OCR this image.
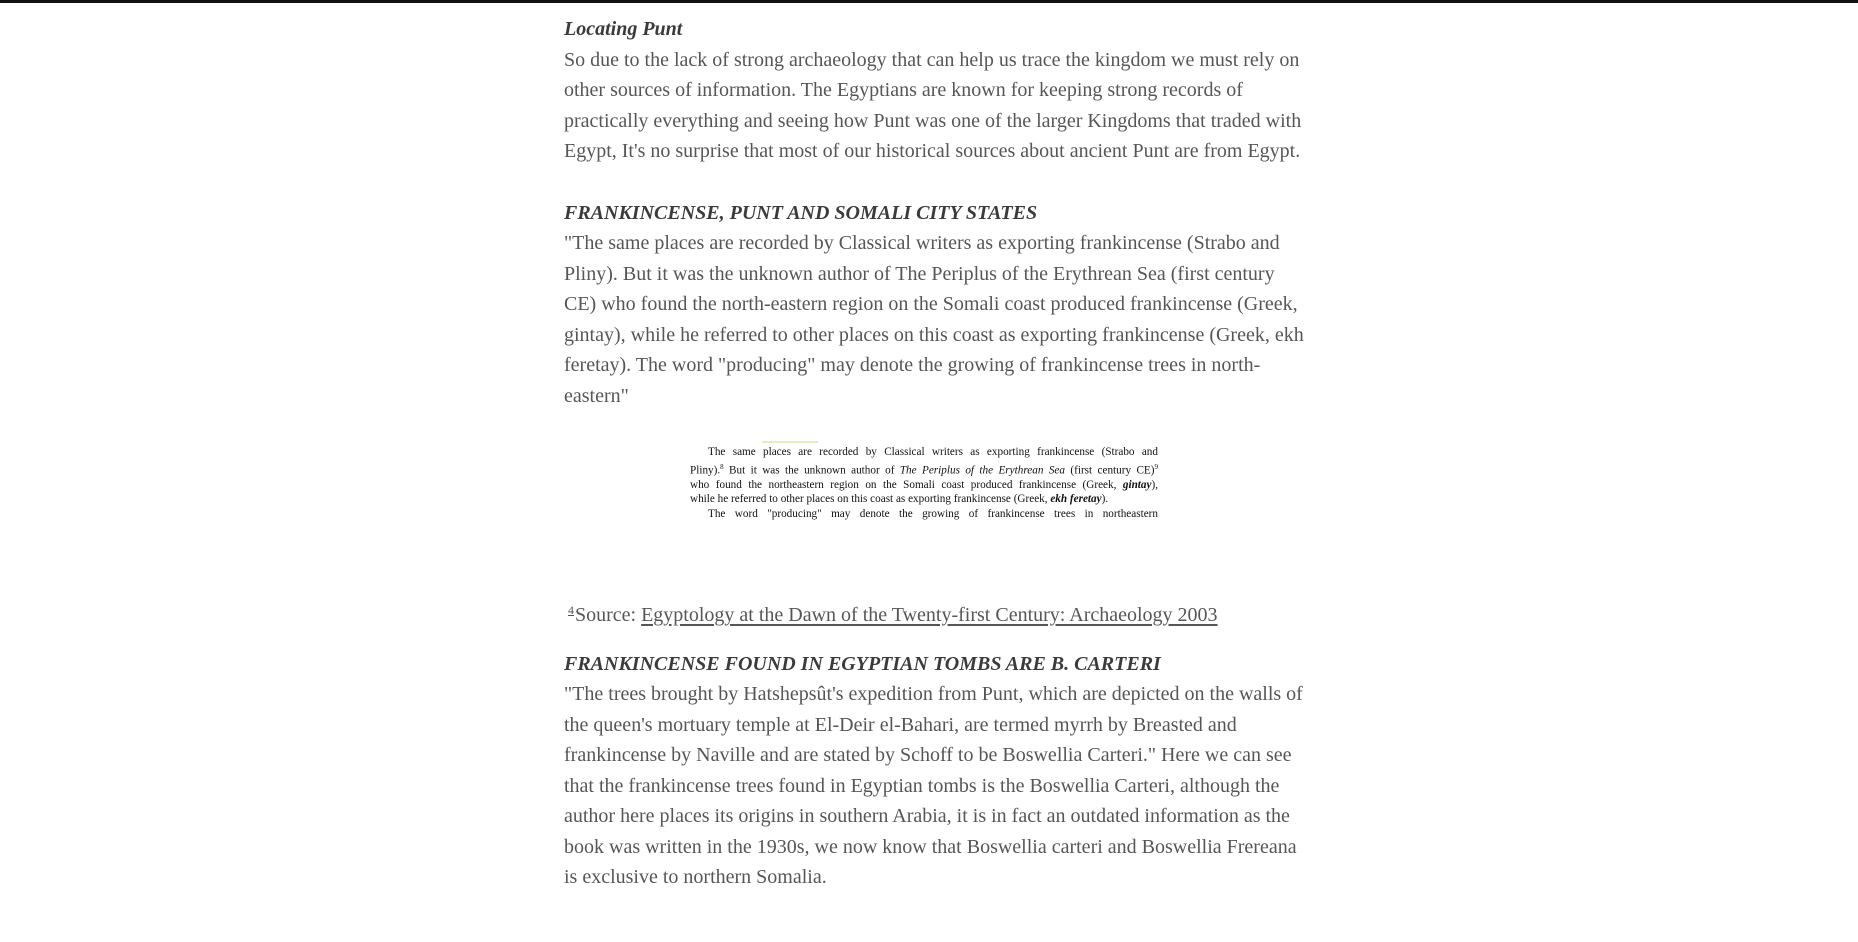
Locating Punt

So due to the lack of strong archaeology that can help us trace the kingdom we must rely on other sources of information. The Egyptians are known for keeping strong records of practically everything and seeing how Punt was one of the larger Kingdoms that traded with Egypt, It's no surprise that most of our historical sources about ancient Punt are from Egypt.

FRANKINCENSE, PUNT AND SOMALI CITY STATES

"The same places are recorded by Classical writers as exporting frankincense (Strabo and Pliny). But it was the unknown author of The Periplus of the Erythrean Sea (first century CE) who found the north-eastern region on the Somali coast produced frankincense (Greek, gintay), while he referred to other places on this coast as exporting frankincense (Greek, ekh feretay). The word "producing" may denote the growing of frankincense trees in north-eastern"

The same places are recorded by Classical writers as exporting frankincense (Strabo and
Pliny).$^8$ But it was the unknown author of The Periplus of the Erythrean Sea (first century CE)$^9$
who found the northeastern region on the Somali coast produced frankincense (Greek, gintay),
while he referred to other places on this coast as exporting frankincense (Greek, ekh feretay).
The word "producing" may denote the growing of frankincense trees in northeastern
$^4$Source: Egyptology at the Dawn of the Twenty-first Century: Archaeology 2003
FRANKINCENSE FOUND IN EGYPTIAN TOMBS ARE B. CARTERI

"The trees brought by Hatshepsût's expedition from Punt, which are depicted on the walls of the queen's mortuary temple at El-Deir el-Bahari, are termed myrrh by Breasted and frankincense by Naville and are stated by Schoff to be Boswellia Carteri." Here we can see that the frankincense trees found in Egyptian tombs is the Boswellia Carteri, although the author here places its origins in southern Arabia, it is in fact an outdated information as the book was written in the 1930s, we now know that Boswellia carteri and Boswellia Frereana is exclusive to northern Somalia.
